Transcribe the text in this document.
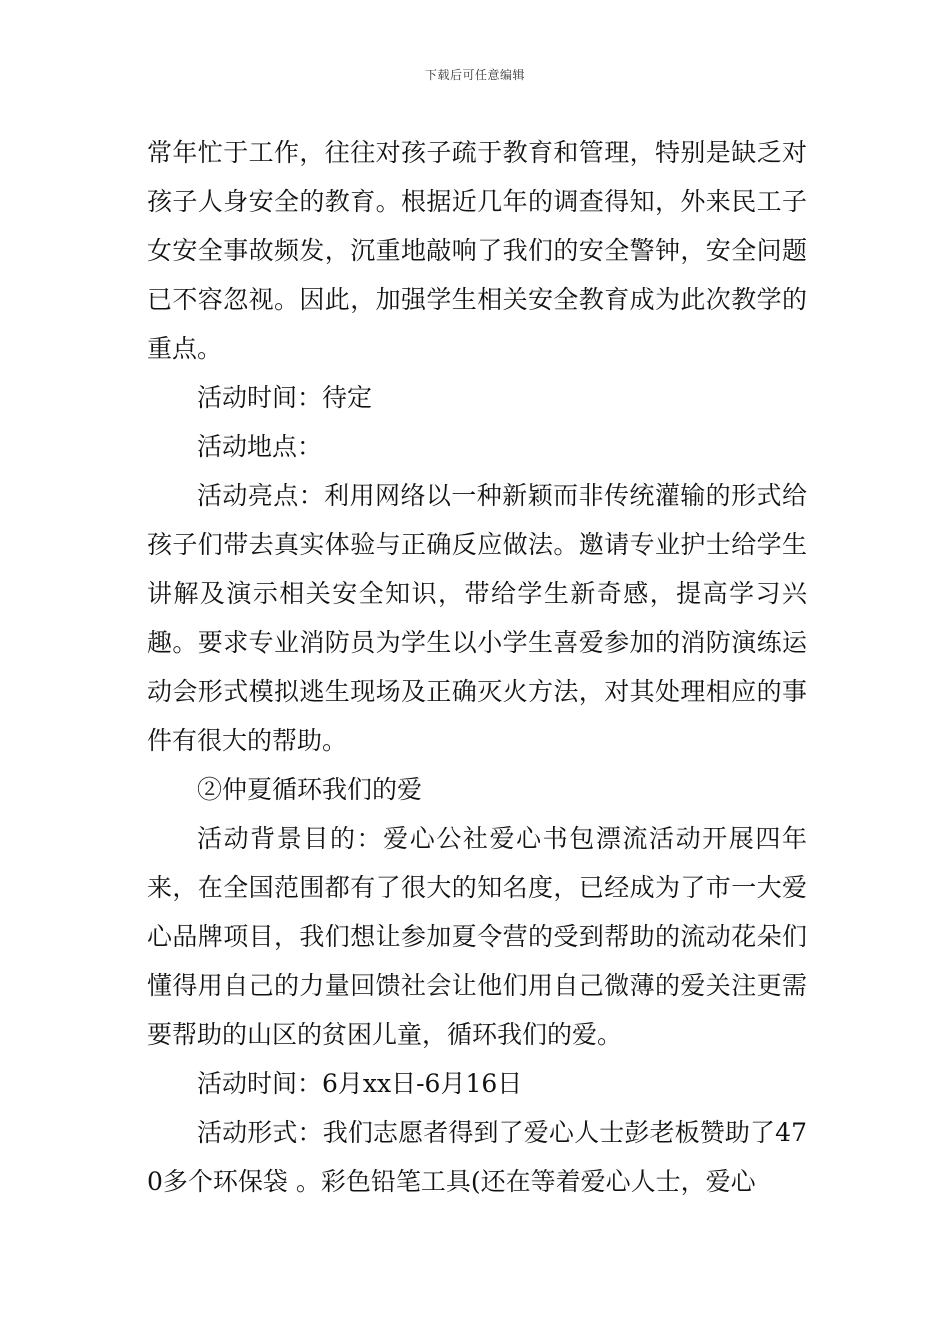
下载后可任意编辑

常年忙于工作，往往对孩子疏于教育和管理，特别是缺乏对孩子人身安全的教育。根据近几年的调查得知，外来民工子女安全事故频发，沉重地敲响了我们的安全警钟，安全问题已不容忽视。因此，加强学生相关安全教育成为此次教学的重点。

活动时间：待定

活动地点：

活动亮点：利用网络以一种新颖而非传统灌输的形式给孩子们带去真实体验与正确反应做法。邀请专业护士给学生讲解及演示相关安全知识，带给学生新奇感，提高学习兴趣。要求专业消防员为学生以小学生喜爱参加的消防演练运动会形式模拟逃生现场及正确灭火方法，对其处理相应的事件有很大的帮助。

②仲夏循环我们的爱

活动背景目的：爱心公社爱心书包漂流活动开展四年来，在全国范围都有了很大的知名度，已经成为了市一大爱心品牌项目，我们想让参加夏令营的受到帮助的流动花朵们懂得用自己的力量回馈社会让他们用自己微薄的爱关注更需要帮助的山区的贫困儿童，循环我们的爱。

活动时间：6月xx日-6月16日

活动形式：我们志愿者得到了爱心人士彭老板赞助了470多个环保袋 。彩色铅笔工具(还在等着爱心人士，爱心
